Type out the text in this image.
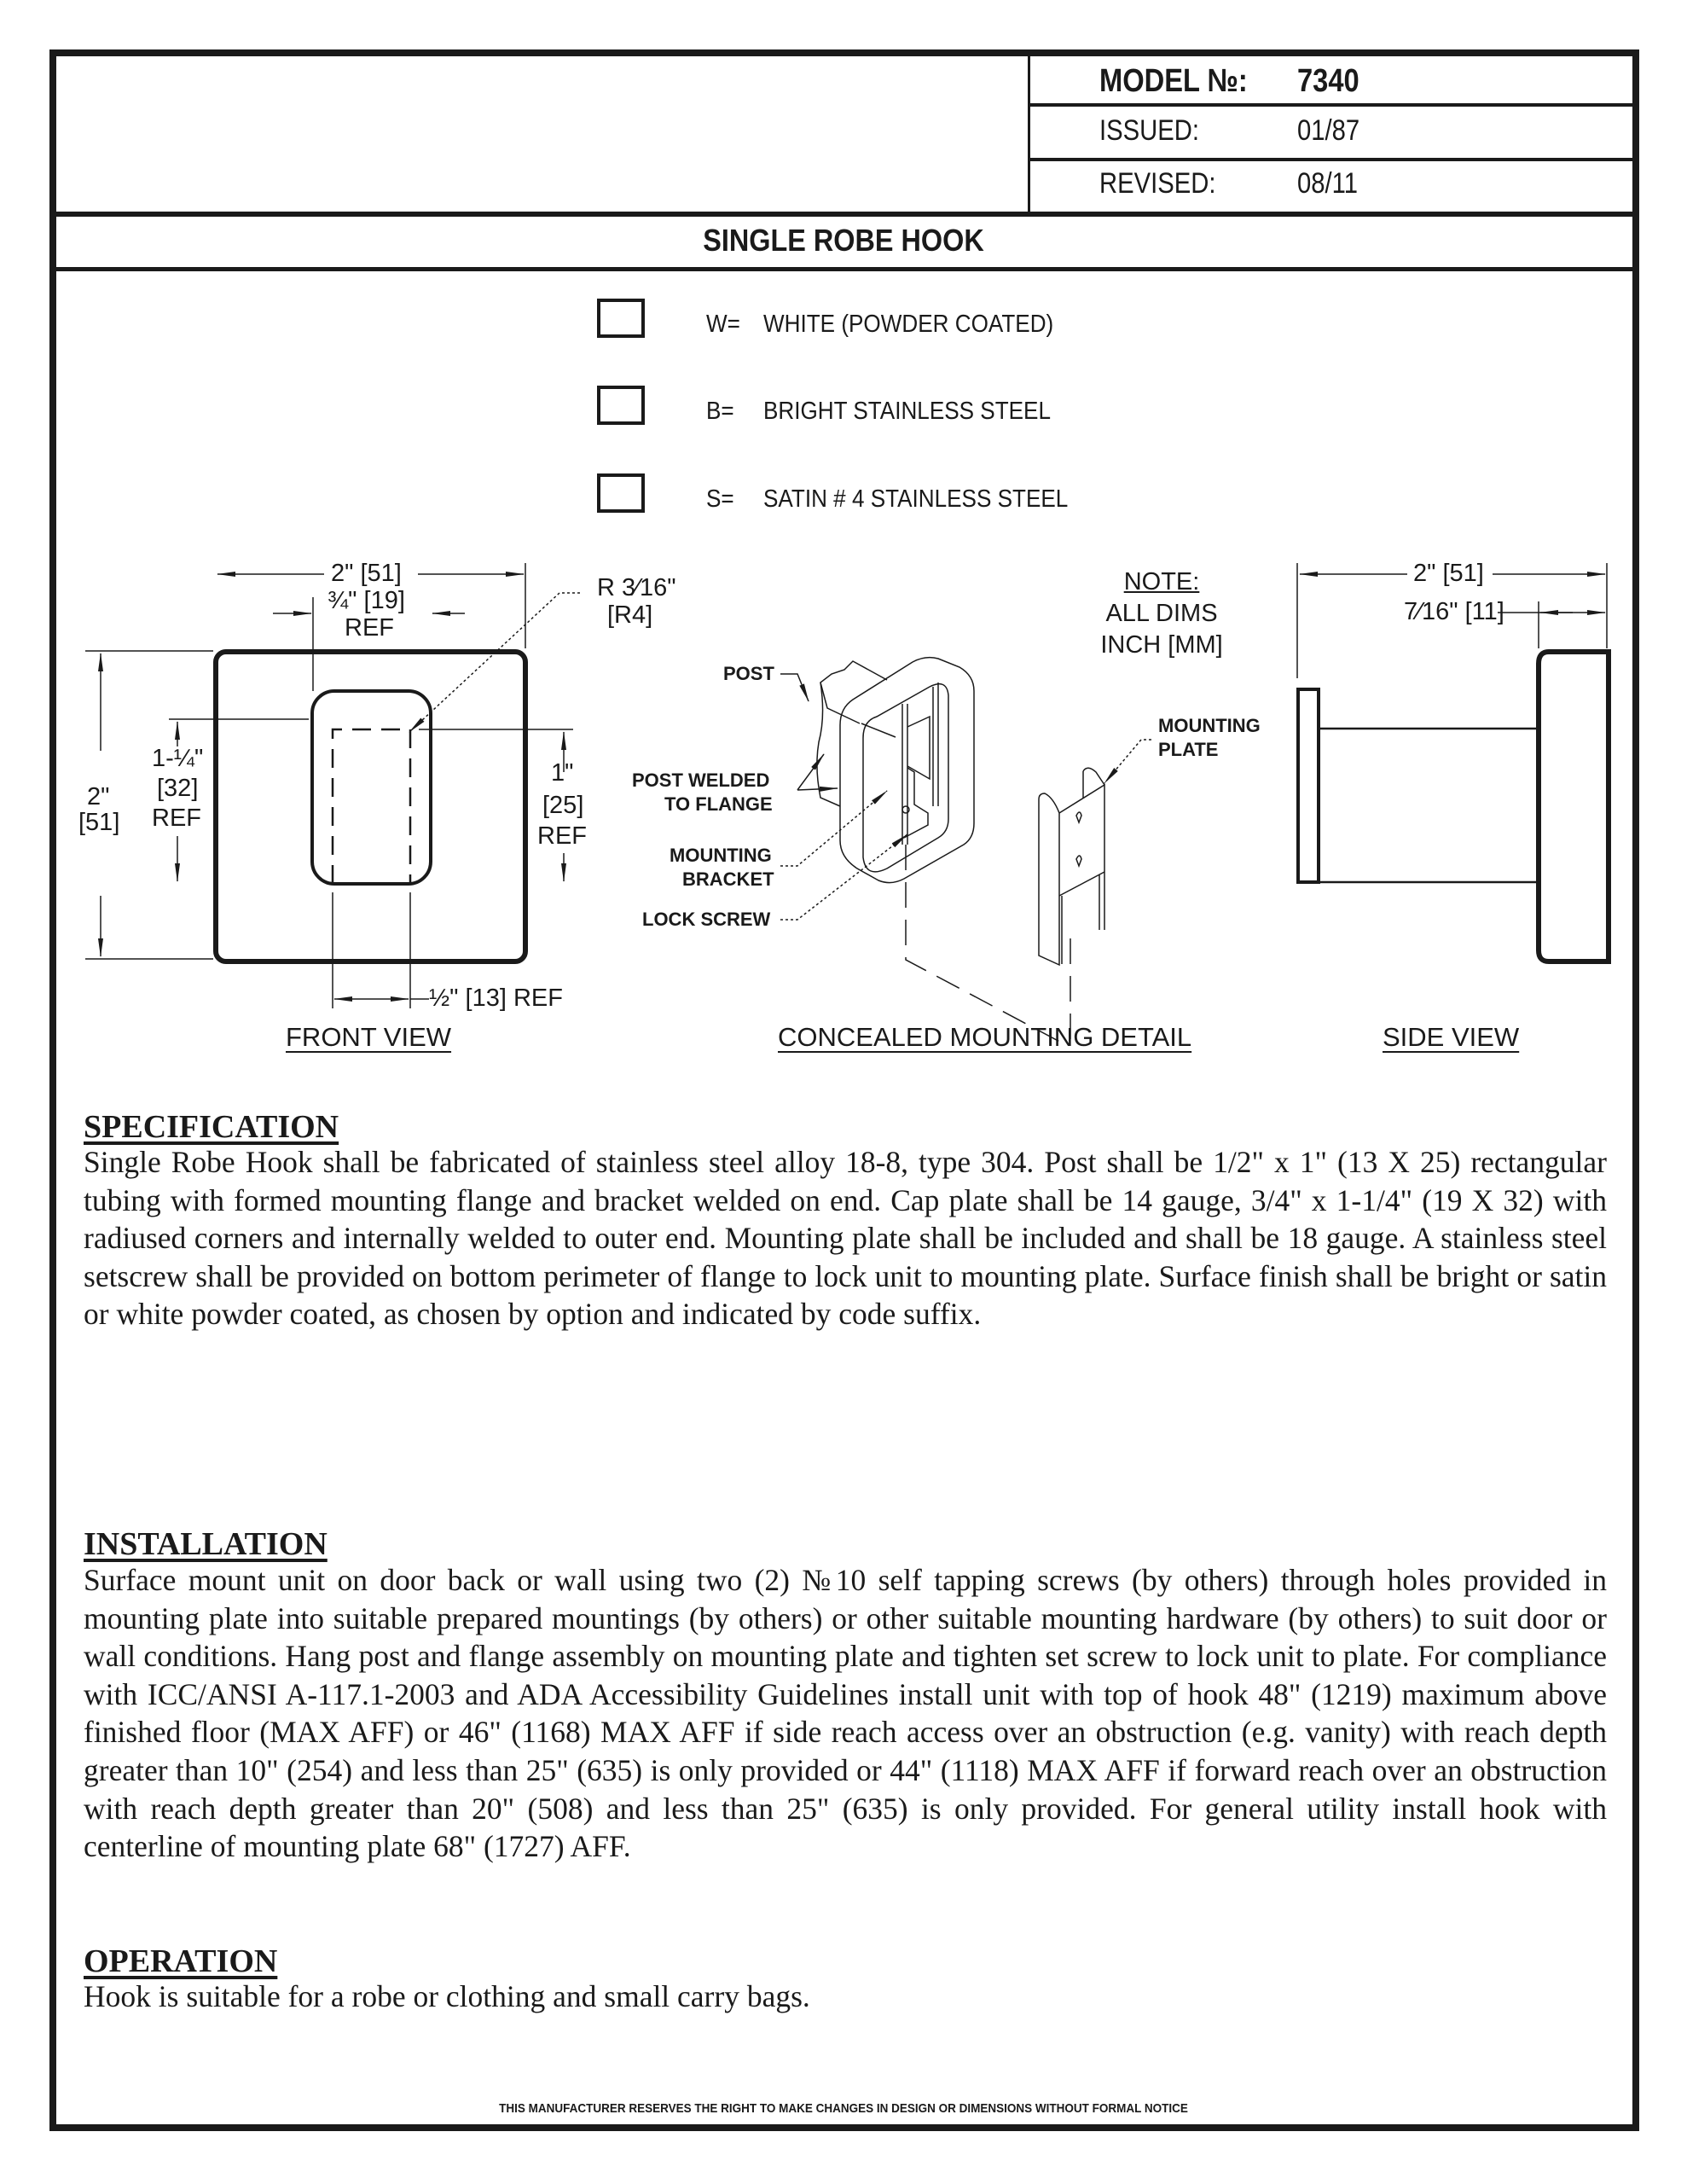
MODEL №: 7340
ISSUED:	01/87
REVISED:	08/11
SINGLE ROBE HOOK
W= WHITE (POWDER COATED)
B= BRIGHT STAINLESS STEEL
S= SATIN # 4 STAINLESS STEEL
2" [51]
¾" [19]
REF
R 3⁄16"
[R4]
2"
[51]
1-¼"
[32]
REF
1"
[25]
REF
½" [13] REF
FRONT VIEW
POST
POST WELDED
TO FLANGE
MOUNTING
BRACKET
LOCK SCREW
MOUNTING
PLATE
CONCEALED MOUNTING DETAIL
NOTE:
ALL DIMS
INCH [MM]
2" [51]
7⁄16" [11]
SIDE VIEW
SPECIFICATION
Single Robe Hook shall be fabricated of stainless steel alloy 18-8, type 304. Post shall be 1/2" x 1" (13 X 25) rectangular tubing with formed mounting flange and bracket welded on end. Cap plate shall be 14 gauge, 3/4" x 1-1/4" (19 X 32) with radiused corners and internally welded to outer end. Mounting plate shall be included and shall be 18 gauge. A stainless steel setscrew shall be provided on bottom perimeter of flange to lock unit to mounting plate. Surface finish shall be bright or satin or white powder coated, as chosen by option and indicated by code suffix.
INSTALLATION
Surface mount unit on door back or wall using two (2) №10 self tapping screws (by others) through holes provided in mounting plate into suitable prepared mountings (by others) or other suitable mounting hardware (by others) to suit door or wall conditions. Hang post and flange assembly on mounting plate and tighten set screw to lock unit to plate. For compliance with ICC/ANSI A-117.1-2003 and ADA Accessibility Guidelines install unit with top of hook 48" (1219) maximum above finished floor (MAX AFF) or 46" (1168) MAX AFF if side reach access over an obstruction (e.g. vanity) with reach depth greater than 10" (254) and less than 25" (635) is only provided or 44" (1118) MAX AFF if forward reach over an obstruction with reach depth greater than 20" (508) and less than 25" (635) is only provided. For general utility install hook with centerline of mounting plate 68" (1727) AFF.
OPERATION
Hook is suitable for a robe or clothing and small carry bags.
THIS MANUFACTURER RESERVES THE RIGHT TO MAKE CHANGES IN DESIGN OR DIMENSIONS WITHOUT FORMAL NOTICE
